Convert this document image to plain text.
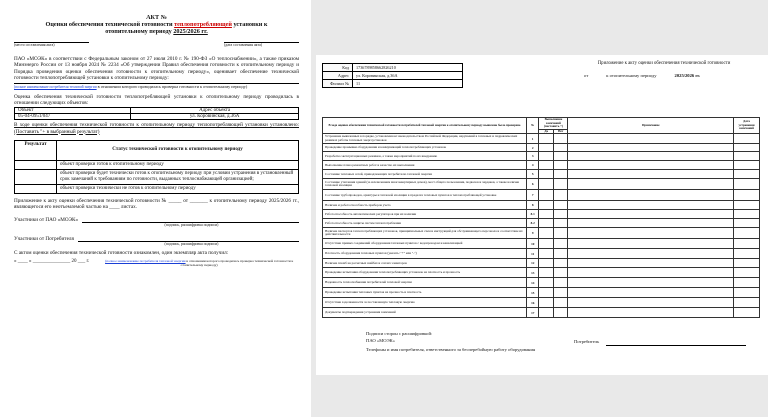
АКТ №
Оценки обеспечения технической готовности теплопотребляющей установки к
отопительному периоду 2025/2026 гг.
(место составления акта)	(дата составления акта)
ПАО «МОЭК» в соответствии с Федеральным законом от 27 июля 2010 г. № 190-ФЗ «О теплоснабжении», а также приказом Минэнерго России от 13 ноября 2024 № 2234 «Об утверждении Правил обеспечения готовности к отопительному периоду и Порядка проведения оценки обеспечения готовности к отопительному периоду», оценивает обеспечение технической готовности теплопотребляющей установки к отопительному периоду:
(полное наименование потребителя тепловой энергии в отношении которого проводилась проверка готовности к отопительному периоду)
Оценка обеспечения технической готовности теплопотребляющей установки к отопительному периоду проводилась в отношении следующих объектов:
Объект	Адрес объекта
05-04-0951/047	ул. Коровинская, д.36А
В ходе оценки обеспечения технической готовности к отопительному периоду теплопотребляющей установки установлено: (Поставить "+ в выбранный результат)
Результат	Статус технической готовности к отопительному периоду
	объект проверки готов к отопительному периоду
	объект проверки будет технически готов к отопительному периоду при условии устранения в установленный срок замечаний к требованиям по готовности, выданных теплоснабжающей организацией;
	объект проверки технически не готов к отопительному периоду
Приложение к акту оценки обеспечения технической готовности № _____ от _______ к отопительному периоду 2025/2026 гг., являющегося его неотъемлемой частью на ____ листах.
Участники от ПАО «МОЭК»
(подпись, расшифровка подписи)
Участники от Потребителя
(подпись, расшифровка подписи)
С актом оценки обеспечения технической готовности ознакомлен, один экземпляр акта получил:
« ____ » _______________ 20 ___ г.	(полное наименование потребителя тепловой энергии в отношении которого проводилась проверка технической готовности к отопительному периоду)
Код	1736789858662826210
Адрес	ул. Коровинская, д.36А
Филиал №	11
Приложение к акту оценки обеспечения технической готовности
от	к отопительному периоду	2025/2026 гг.
В ходе оценки обеспечения технической готовности потребителей тепловой энергии к отопительному периоду выявлено было проверено	№	Выполнение замечаний (поставить +)		Примечание	Дата устранения замечаний
		Да	Нет		
Устранение выявленных в порядке, установленном законодательством Российской Федерации, нарушений в тепловых и гидравлических режимах работы тепловых энергоустановок	1				
Проведение промывки оборудования и коммуникаций теплопотребляющих установок	2				
Разработка эксплуатационных режимов, а также мероприятий по их внедрению	3				
Выполнение плана ремонтных работ и качество их выполнения	4				
Состояние тепловых сетей, принадлежащих потребителю тепловой энергии	5				
Состояние утепления зданий (за исключением многоквартирных домов), мест общего пользования, подвалов и чердаков, а также наличие тепловой изоляции	6				
Состояние трубопроводов, арматуры и тепловой изоляции в пределах тепловых пунктов в теплопотребляющей установке	7				
Наличие и работоспособность приборов учета	8				
Работоспособность автоматических регуляторов при их наличии	8.1				
Работоспособность защиты систем теплопотребления	8.2				
Наличие паспортов теплопотребляющих установок, принципиальных схем и инструкций для обслуживающего персонала и соответствие их действительности	9				
Отсутствие прямых соединений оборудования тепловых пунктов с водопроводом и канализацией	10				
Плотность оборудования тепловых пунктов (указать: "+" или "-")	11				
Наличие пломб на расчетных шайбах и соплах элеваторов	12				
Проведение испытания оборудования теплопотребляющих установок на плотность и прочность	13				
Надежность теплоснабжения потребителей тепловой энергии	14				
Проведение испытания тепловых пунктов на прочность и плотность	15				
Отсутствие задолженности за поставленную тепловую энергию	16				
Документы подтверждения устранения замечаний	17				
Подписи сторон с расшифровкой:
ПАО «МОЭК»	Потребитель
Телефоны и имя потребителя, ответственного за бесперебойную работу оборудования
